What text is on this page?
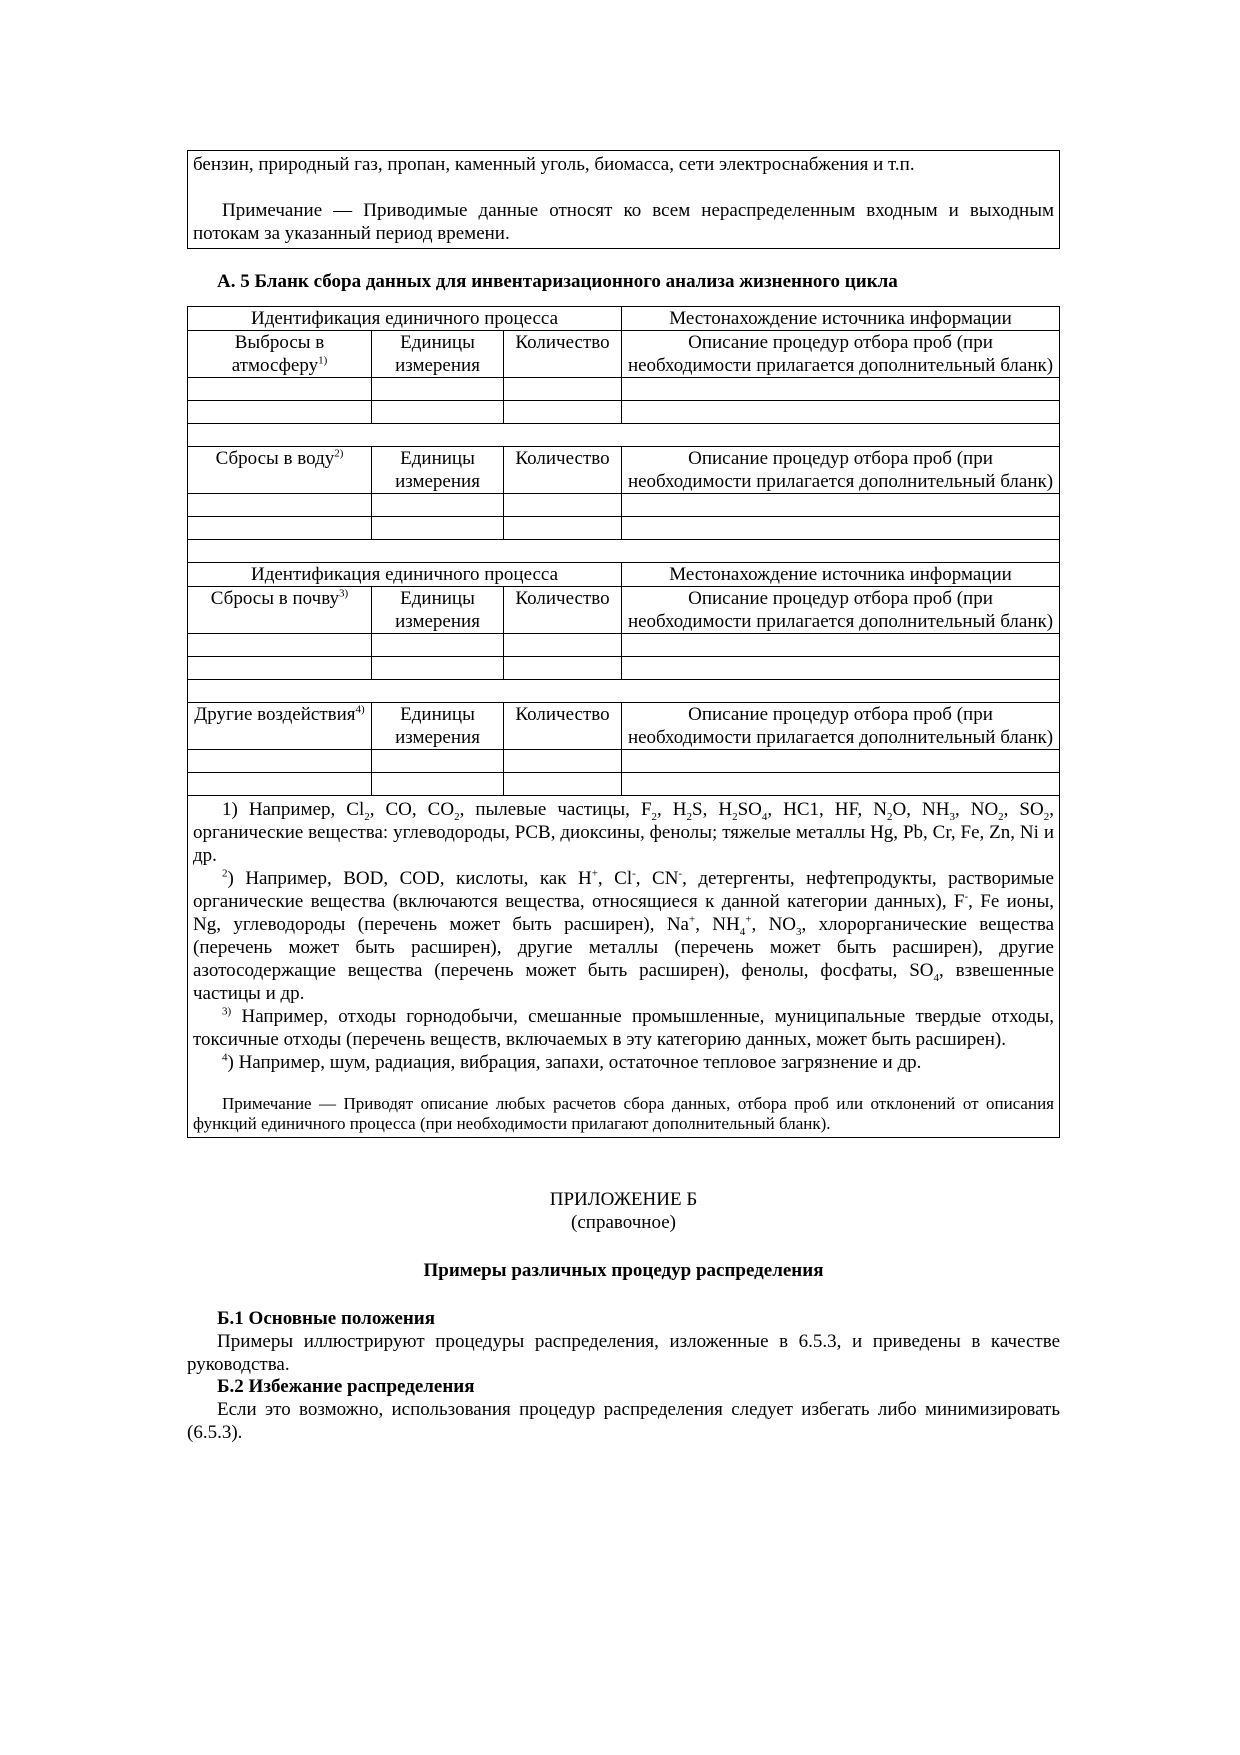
бензин, природный газ, пропан, каменный уголь, биомасса, сети электроснабжения и т.п.

Примечание — Приводимые данные относят ко всем нераспределенным входным и выходным потокам за указанный период времени.

А. 5 Бланк сбора данных для инвентаризационного анализа жизненного цикла
Идентификация единичного процесса			Местонахождение источника информации
Выбросы в атмосферу$^{1)}$	Единицы измерения	Количество	Описание процедур отбора проб (при необходимости прилагается дополнительный бланк)

Сбросы в воду$^{2)}$	Единицы измерения	Количество	Описание процедур отбора проб (при необходимости прилагается дополнительный бланк)

Идентификация единичного процесса			Местонахождение источника информации
Сбросы в почву$^{3)}$	Единицы измерения	Количество	Описание процедур отбора проб (при необходимости прилагается дополнительный бланк)

Другие воздействия$^{4)}$	Единицы измерения	Количество	Описание процедур отбора проб (при необходимости прилагается дополнительный бланк)

1) Например, $Cl_2$, CO, $CO_2$, пылевые частицы, $F_2$, $H_2S$, $H_2SO_4$, HC1, HF, $N_2O$, $NH_3$, $NO_2$, $SO_2$, органические вещества: углеводороды, PCB, диоксины, фенолы; тяжелые металлы Hg, Pb, Cr, Fe, Zn, Ni и др.

$^2$) Например, BOD, COD, кислоты, как H+, Cl-, CN-, детергенты, нефтепродукты, растворимые органические вещества (включаются вещества, относящиеся к данной категории данных), F-, Fe ионы, Ng, углеводороды (перечень может быть расширен), Na+, $NH_4^+$, $NO_3$, хлорорганические вещества (перечень может быть расширен), другие металлы (перечень может быть расширен), другие азотосодержащие вещества (перечень может быть расширен), фенолы, фосфаты, $SO_4$, взвешенные частицы и др.

$^{3)}$ Например, отходы горнодобычи, смешанные промышленные, муниципальные твердые отходы, токсичные отходы (перечень веществ, включаемых в эту категорию данных, может быть расширен).

$^4$) Например, шум, радиация, вибрация, запахи, остаточное тепловое загрязнение и др.

Примечание — Приводят описание любых расчетов сбора данных, отбора проб или отклонений от описания функций единичного процесса (при необходимости прилагают дополнительный бланк).			

ПРИЛОЖЕНИЕ Б
(справочное)
Примеры различных процедур распределения

Б.1 Основные положения

Примеры иллюстрируют процедуры распределения, изложенные в 6.5.3, и приведены в качестве руководства.

Б.2 Избежание распределения

Если это возможно, использования процедур распределения следует избегать либо минимизировать (6.5.3).
